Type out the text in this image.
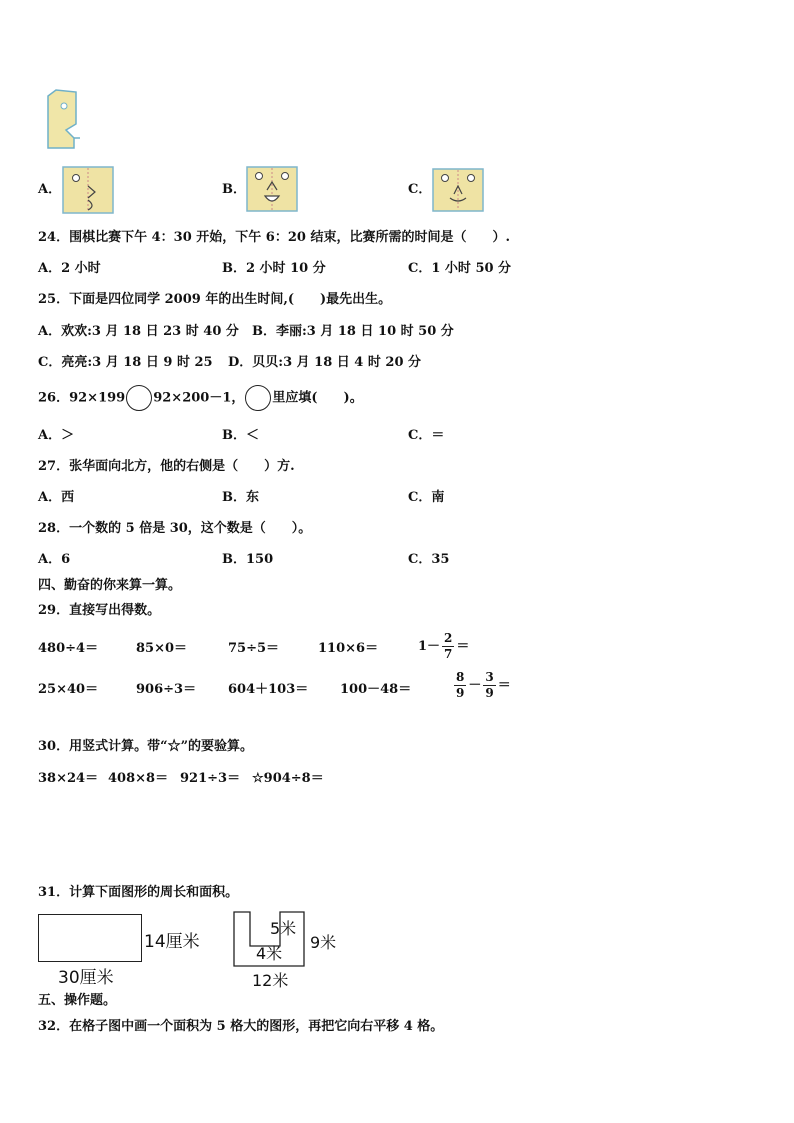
A．	B．	C．
24．围棋比赛下午 4：30 开始，下午 6：20 结束，比赛所需的时间是（　　）.
A．2 小时	B．2 小时 10 分	C．1 小时 50 分
25．下面是四位同学 2009 年的出生时间,(　　)最先出生。
A．欢欢:3 月 18 日 23 时 40 分 B．李丽:3 月 18 日 10 时 50 分
C．亮亮:3 月 18 日 9 时 25 D．贝贝:3 月 18 日 4 时 20 分
26．92×199 92×200－1， 里应填(　　)。
A．＞	B．＜	C．＝
27．张华面向北方，他的右侧是（　　）方.
A．西	B．东	C．南
28．一个数的 5 倍是 30，这个数是（　　）。
A．6	B．150	C．35
四、勤奋的你来算一算。
29．直接写出得数。
480÷4＝	85×0＝	75÷5＝	110×6＝	$1- \frac{2}{7}$ ＝
25×40＝	906÷3＝ 604＋103＝ 100－48＝	$\frac{8}{9} - \frac{3}{9}$ ＝
30．用竖式计算。带“☆”的要验算。
38×24＝ 408×8＝ 921÷3＝ ☆904÷8＝
31．计算下面图形的周长和面积。
14厘米
30厘米
5米
4米
9米
12米
五、操作题。
32．在格子图中画一个面积为 5 格大的图形，再把它向右平移 4 格。
